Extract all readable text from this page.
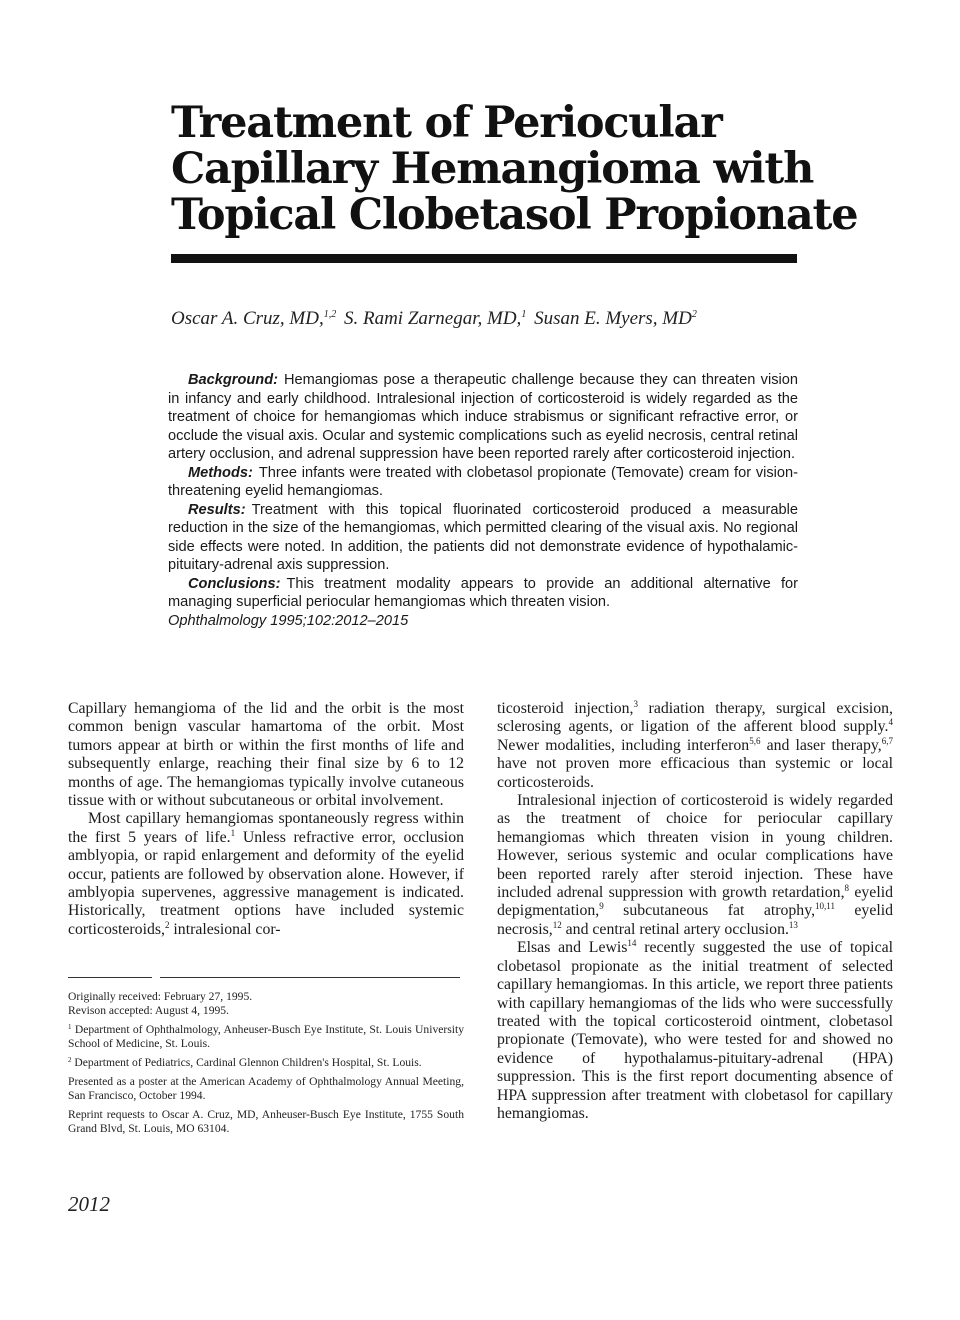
Treatment of Periocular
Capillary Hemangioma with
Topical Clobetasol Propionate
Oscar A. Cruz, MD,$^{1,2}$ S. Rami Zarnegar, MD,$^1$ Susan E. Myers, $MD^2$

Background: Hemangiomas pose a therapeutic challenge because they can threaten vision in infancy and early childhood. Intralesional injection of corticosteroid is widely regarded as the treatment of choice for hemangiomas which induce strabismus or significant refractive error, or occlude the visual axis. Ocular and systemic complications such as eyelid necrosis, central retinal artery occlusion, and adrenal suppression have been reported rarely after corticosteroid injection.

Methods: Three infants were treated with clobetasol propionate (Temovate) cream for vision-threatening eyelid hemangiomas.

Results: Treatment with this topical fluorinated corticosteroid produced a measurable reduction in the size of the hemangiomas, which permitted clearing of the visual axis. No regional side effects were noted. In addition, the patients did not demonstrate evidence of hypothalamic-pituitary-adrenal axis suppression.

Conclusions: This treatment modality appears to provide an additional alternative for managing superficial periocular hemangiomas which threaten vision.

Ophthalmology 1995;102:2012–2015

Capillary hemangioma of the lid and the orbit is the most common benign vascular hamartoma of the orbit. Most tumors appear at birth or within the first months of life and subsequently enlarge, reaching their final size by 6 to 12 months of age. The hemangiomas typically involve cutaneous tissue with or without subcutaneous or orbital involvement.

Most capillary hemangiomas spontaneously regress within the first 5 years of life.$^1$ Unless refractive error, occlusion amblyopia, or rapid enlargement and deformity of the eyelid occur, patients are followed by observation alone. However, if amblyopia supervenes, aggressive management is indicated. Historically, treatment options have included systemic corticosteroids,$^2$ intralesional cor-

ticosteroid injection,$^3$ radiation therapy, surgical excision, sclerosing agents, or ligation of the afferent blood supply.$^4$ Newer modalities, including interferon$^{5,6}$ and laser therapy,$^{6,7}$ have not proven more efficacious than systemic or local corticosteroids.

Intralesional injection of corticosteroid is widely regarded as the treatment of choice for periocular capillary hemangiomas which threaten vision in young children. However, serious systemic and ocular complications have been reported rarely after steroid injection. These have included adrenal suppression with growth retardation,$^8$ eyelid depigmentation,$^9$ subcutaneous fat atrophy,$^{10,11}$ eyelid necrosis,$^{12}$ and central retinal artery occlusion.$^{13}$

Elsas and Lewis$^{14}$ recently suggested the use of topical clobetasol propionate as the initial treatment of selected capillary hemangiomas. In this article, we report three patients with capillary hemangiomas of the lids who were successfully treated with the topical corticosteroid ointment, clobetasol propionate (Temovate), who were tested for and showed no evidence of hypothalamus-pituitary-adrenal (HPA) suppression. This is the first report documenting absence of HPA suppression after treatment with clobetasol for capillary hemangiomas.

Originally received: February 27, 1995.

Revison accepted: August 4, 1995.

$^1$ Department of Ophthalmology, Anheuser-Busch Eye Institute, St. Louis University School of Medicine, St. Louis.

$^2$ Department of Pediatrics, Cardinal Glennon Children's Hospital, St. Louis.

Presented as a poster at the American Academy of Ophthalmology Annual Meeting, San Francisco, October 1994.

Reprint requests to Oscar A. Cruz, MD, Anheuser-Busch Eye Institute, 1755 South Grand Blvd, St. Louis, MO 63104.

2012
